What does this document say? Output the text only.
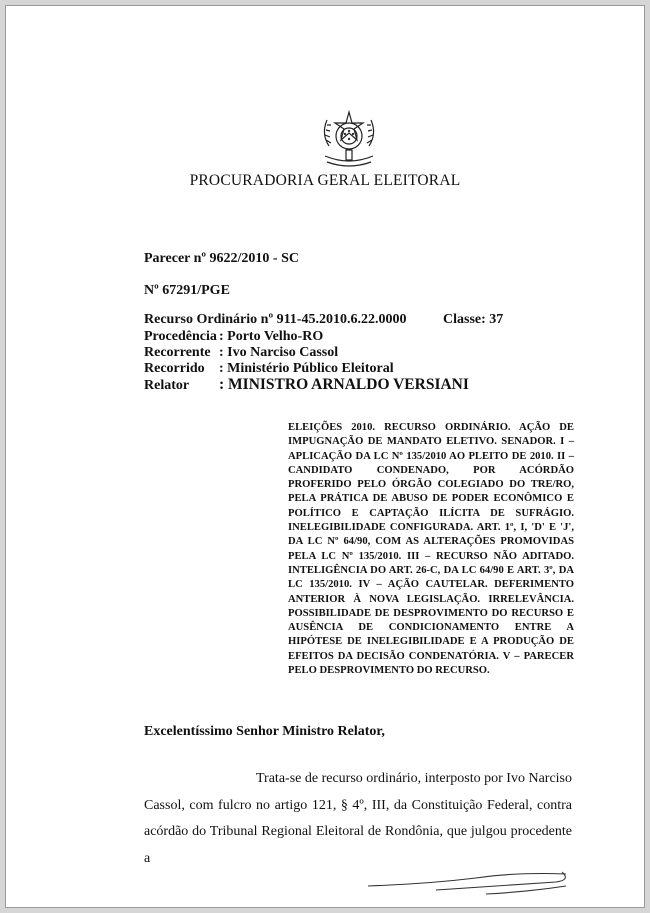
PROCURADORIA GERAL ELEITORAL
Parecer nº 9622/2010 - SC
Nº 67291/PGE
Recurso Ordinário nº 911-45.2010.6.22.0000	Classe: 37
Procedência : Porto Velho-RO
Recorrente : Ivo Narciso Cassol
Recorrido : Ministério Público Eleitoral
Relator : MINISTRO ARNALDO VERSIANI
ELEIÇÕES 2010. RECURSO ORDINÁRIO. AÇÃO DE IMPUGNAÇÃO DE MANDATO ELETIVO. SENADOR. I – APLICAÇÃO DA LC Nº 135/2010 AO PLEITO DE 2010. II – CANDIDATO CONDENADO, POR ACÓRDÃO PROFERIDO PELO ÓRGÃO COLEGIADO DO TRE/RO, PELA PRÁTICA DE ABUSO DE PODER ECONÔMICO E POLÍTICO E CAPTAÇÃO ILÍCITA DE SUFRÁGIO. INELEGIBILIDADE CONFIGURADA. ART. 1º, I, 'D' E 'J', DA LC Nº 64/90, COM AS ALTERAÇÕES PROMOVIDAS PELA LC Nº 135/2010. III – RECURSO NÃO ADITADO. INTELIGÊNCIA DO ART. 26-C, DA LC 64/90 E ART. 3º, DA LC 135/2010. IV – AÇÃO CAUTELAR. DEFERIMENTO ANTERIOR À NOVA LEGISLAÇÃO. IRRELEVÂNCIA. POSSIBILIDADE DE DESPROVIMENTO DO RECURSO E AUSÊNCIA DE CONDICIONAMENTO ENTRE A HIPÓTESE DE INELEGIBILIDADE E A PRODUÇÃO DE EFEITOS DA DECISÃO CONDENATÓRIA. V – PARECER PELO DESPROVIMENTO DO RECURSO.
Excelentíssimo Senhor Ministro Relator,

Trata-se de recurso ordinário, interposto por Ivo Narciso Cassol, com fulcro no artigo 121, § 4º, III, da Constituição Federal, contra acórdão do Tribunal Regional Eleitoral de Rondônia, que julgou procedente a
